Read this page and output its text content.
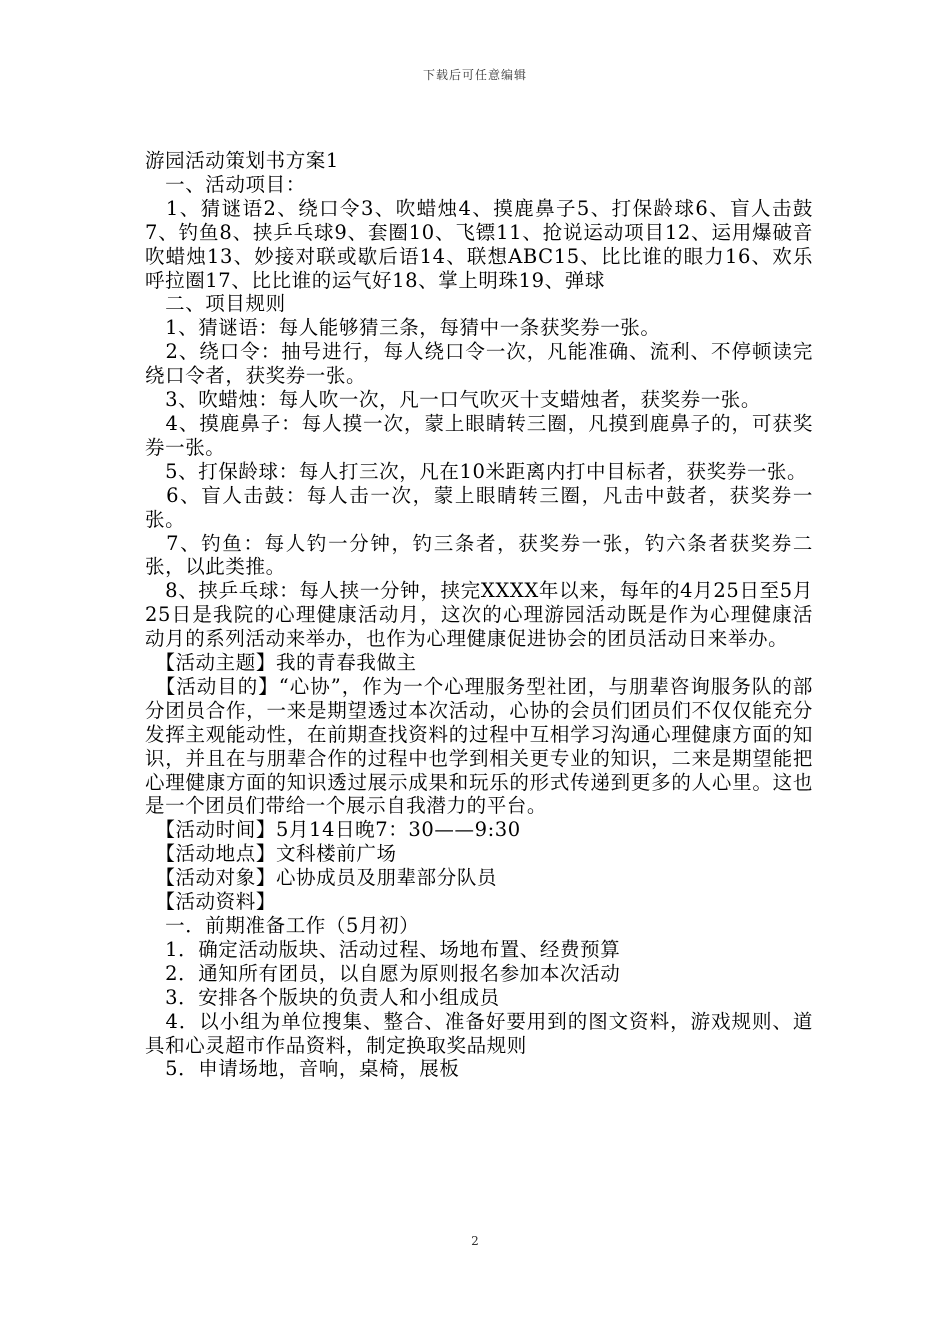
下载后可任意编辑

游园活动策划书方案1

　一、活动项目：

　1、猜谜语2、绕口令3、吹蜡烛4、摸鹿鼻子5、打保龄球6、盲人击鼓7、钓鱼8、挟乒乓球9、套圈10、飞镖11、抢说运动项目12、运用爆破音吹蜡烛13、妙接对联或歇后语14、联想ABC15、比比谁的眼力16、欢乐呼拉圈17、比比谁的运气好18、掌上明珠19、弹球

　二、项目规则

　1、猜谜语：每人能够猜三条，每猜中一条获奖券一张。

　2、绕口令：抽号进行，每人绕口令一次，凡能准确、流利、不停顿读完绕口令者，获奖券一张。

　3、吹蜡烛：每人吹一次，凡一口气吹灭十支蜡烛者，获奖券一张。

　4、摸鹿鼻子：每人摸一次，蒙上眼睛转三圈，凡摸到鹿鼻子的，可获奖券一张。

　5、打保龄球：每人打三次，凡在10米距离内打中目标者，获奖券一张。

　6、盲人击鼓：每人击一次，蒙上眼睛转三圈，凡击中鼓者，获奖券一张。

　7、钓鱼：每人钓一分钟，钓三条者，获奖券一张，钓六条者获奖券二张，以此类推。

　8、挟乒乓球：每人挟一分钟，挟完XXXX年以来，每年的4月25日至5月25日是我院的心理健康活动月，这次的心理游园活动既是作为心理健康活动月的系列活动来举办，也作为心理健康促进协会的团员活动日来举办。

　【活动主题】我的青春我做主

　【活动目的】“心协”，作为一个心理服务型社团，与朋辈咨询服务队的部分团员合作，一来是期望透过本次活动，心协的会员们团员们不仅仅能充分发挥主观能动性，在前期查找资料的过程中互相学习沟通心理健康方面的知识，并且在与朋辈合作的过程中也学到相关更专业的知识，二来是期望能把心理健康方面的知识透过展示成果和玩乐的形式传递到更多的人心里。这也是一个团员们带给一个展示自我潜力的平台。

　【活动时间】5月14日晚7：30——9:30

　【活动地点】文科楼前广场

　【活动对象】心协成员及朋辈部分队员

　【活动资料】

　一．前期准备工作（5月初）

　1．确定活动版块、活动过程、场地布置、经费预算

　2．通知所有团员，以自愿为原则报名参加本次活动

　3．安排各个版块的负责人和小组成员

　4．以小组为单位搜集、整合、准备好要用到的图文资料，游戏规则、道具和心灵超市作品资料，制定换取奖品规则

　5．申请场地，音响，桌椅，展板

2
